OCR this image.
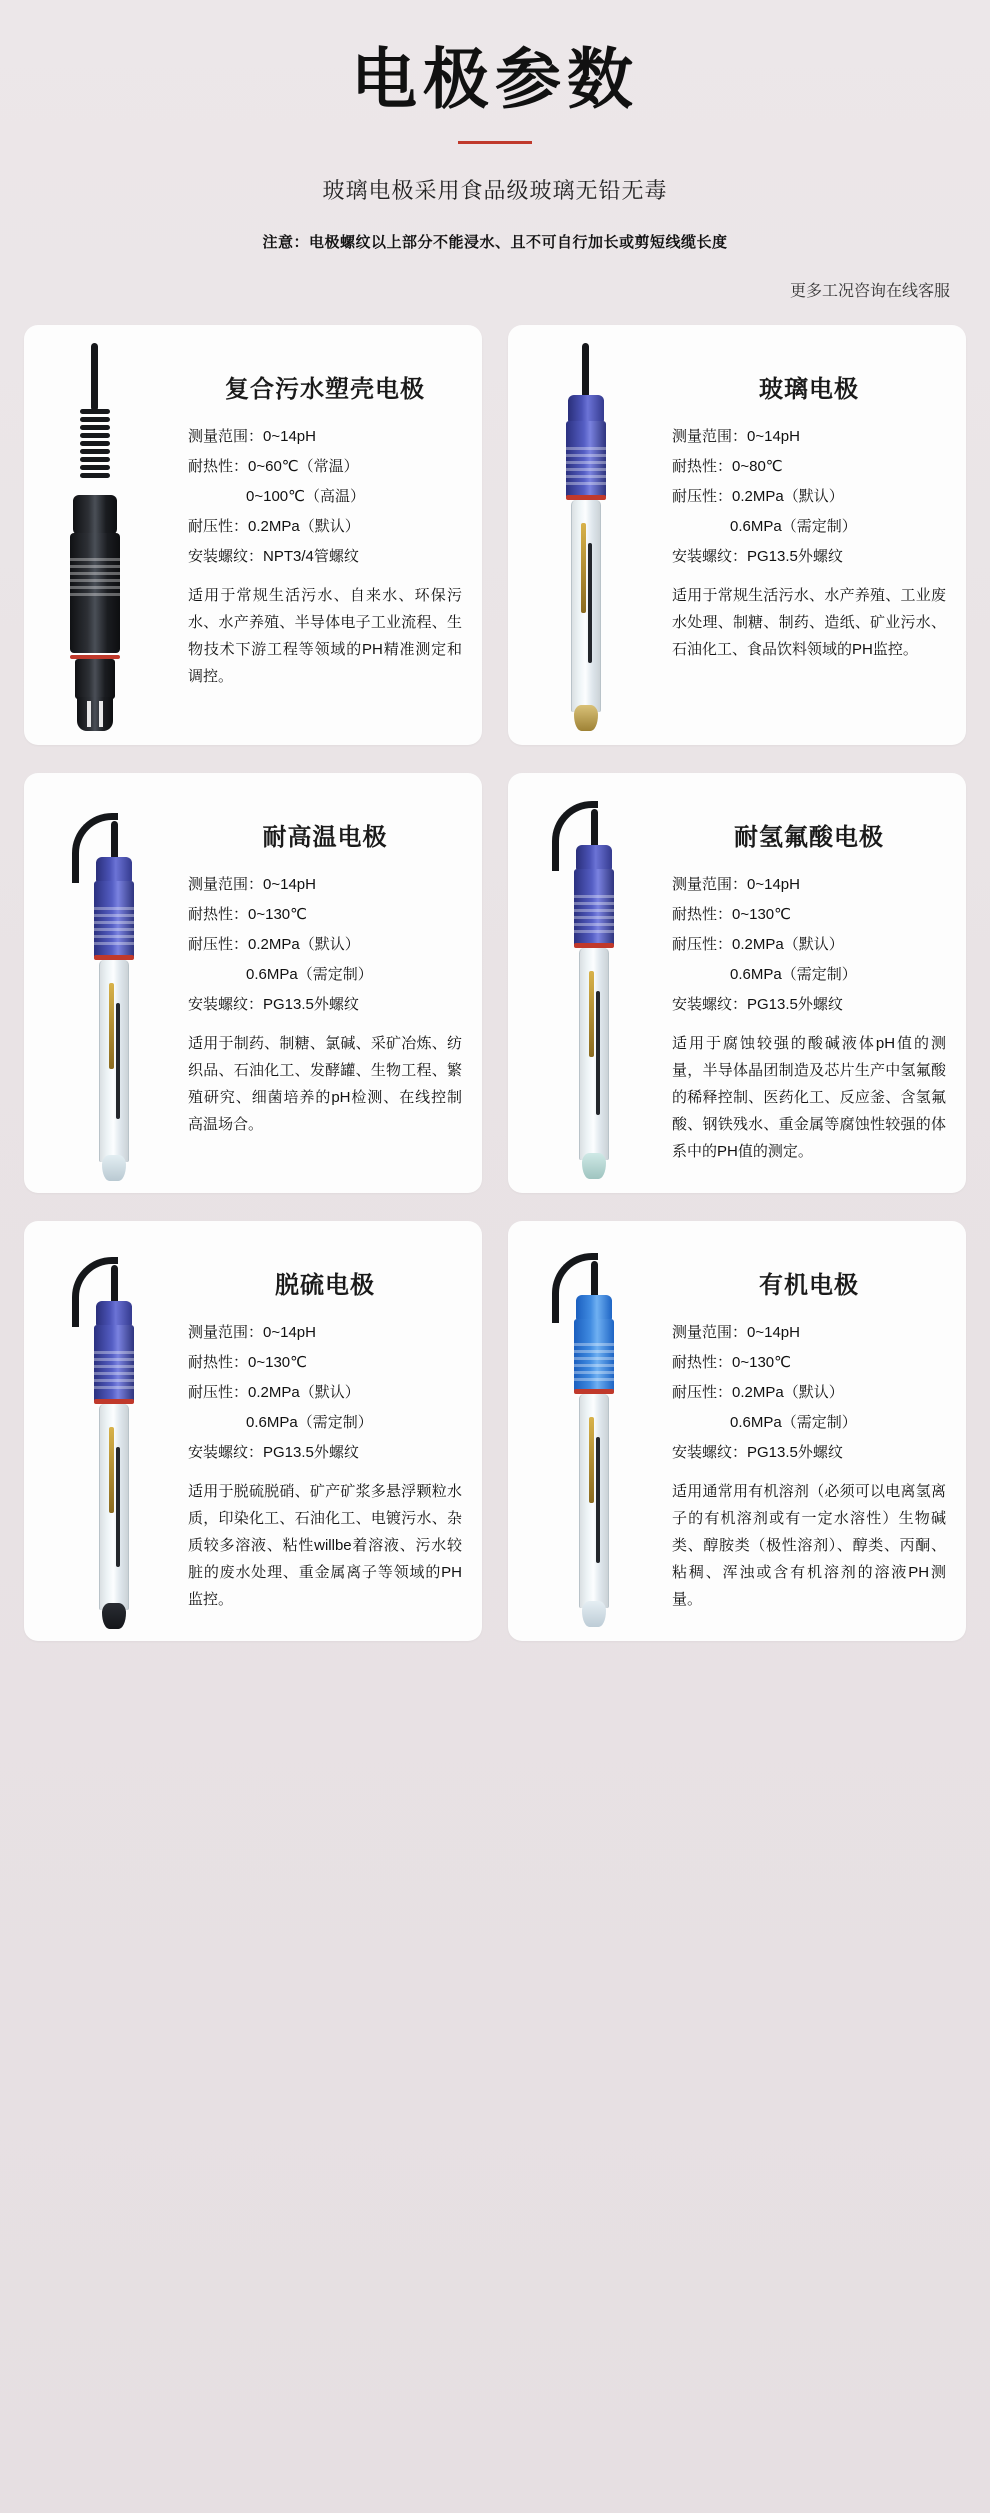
电极参数
玻璃电极采用食品级玻璃无铅无毒
注意：电极螺纹以上部分不能浸水、且不可自行加长或剪短线缆长度
更多工况咨询在线客服
复合污水塑壳电极

测量范围：0~14pH

耐热性：0~60℃（常温）

0~100℃（高温）

耐压性：0.2MPa（默认）

安装螺纹：NPT3/4管螺纹

适用于常规生活污水、自来水、环保污水、水产养殖、半导体电子工业流程、生物技术下游工程等领域的PH精准测定和调控。

玻璃电极

测量范围：0~14pH

耐热性：0~80℃

耐压性：0.2MPa（默认）

0.6MPa（需定制）

安装螺纹：PG13.5外螺纹

适用于常规生活污水、水产养殖、工业废水处理、制糖、制药、造纸、矿业污水、石油化工、食品饮料领域的PH监控。

耐高温电极

测量范围：0~14pH

耐热性：0~130℃

耐压性：0.2MPa（默认）

0.6MPa（需定制）

安装螺纹：PG13.5外螺纹

适用于制药、制糖、氯碱、采矿冶炼、纺织品、石油化工、发酵罐、生物工程、繁殖研究、细菌培养的pH检测、在线控制高温场合。

耐氢氟酸电极

测量范围：0~14pH

耐热性：0~130℃

耐压性：0.2MPa（默认）

0.6MPa（需定制）

安装螺纹：PG13.5外螺纹

适用于腐蚀较强的酸碱液体pH值的测量，半导体晶团制造及芯片生产中氢氟酸的稀释控制、医药化工、反应釜、含氢氟酸、钢铁残水、重金属等腐蚀性较强的体系中的PH值的测定。

脱硫电极

测量范围：0~14pH

耐热性：0~130℃

耐压性：0.2MPa（默认）

0.6MPa（需定制）

安装螺纹：PG13.5外螺纹

适用于脱硫脱硝、矿产矿浆多悬浮颗粒水质，印染化工、石油化工、电镀污水、杂质较多溶液、粘性willbe着溶液、污水较脏的废水处理、重金属离子等领域的PH监控。

有机电极

测量范围：0~14pH

耐热性：0~130℃

耐压性：0.2MPa（默认）

0.6MPa（需定制）

安装螺纹：PG13.5外螺纹

适用通常用有机溶剂（必须可以电离氢离子的有机溶剂或有一定水溶性）生物碱类、醇胺类（极性溶剂）、醇类、丙酮、粘稠、浑浊或含有机溶剂的溶液PH测量。
